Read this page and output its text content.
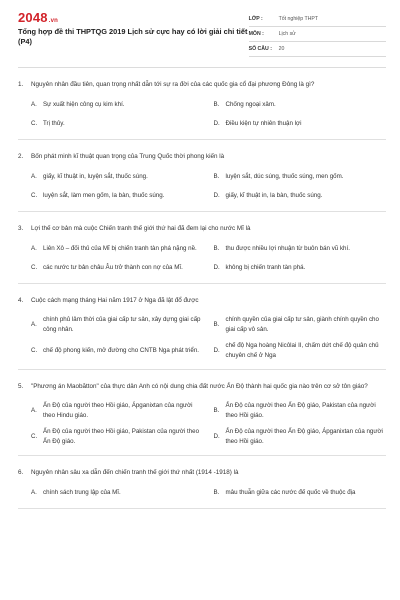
2048.vn
Tổng hợp đề thi THPTQG 2019 Lịch sử cực hay có lời giải chi tiết (P4)
LỚP :	Tốt nghiệp THPT
MÔN :	Lịch sử
SỐ CÂU :	20
1.	Nguyên nhân đầu tiên, quan trọng nhất dẫn tới sự ra đời của các quốc gia cổ đại phương Đông là gì?
A. Sự xuất hiện công cụ kim khí.	B. Chống ngoại xâm.
C. Trị thủy.	D. Điều kiện tự nhiên thuận lợi
2.	Bốn phát minh kĩ thuật quan trọng của Trung Quốc thời phong kiến là
A. giấy, kĩ thuật in, luyện sắt, thuốc súng.	B. luyện sắt, dúc súng, thuốc súng, men gốm.
C. luyện sắt, làm men gốm, la bàn, thuốc súng.	D. giấy, kĩ thuật in, la bàn, thuốc súng.
3.	Lợi thế cơ bản mà cuộc Chiến tranh thế giới thứ hai đã đem lại cho nước Mĩ là
A. Liên Xô – đối thủ của Mĩ bị chiến tranh tàn phá nặng nề.	B. thu được nhiều lợi nhuận từ buôn bán vũ khí.
C. các nước tư bản châu Âu trở thành con nợ của Mĩ.	D. không bị chiến tranh tàn phá.
4.	Cuộc cách mạng tháng Hai năm 1917 ở Nga đã lật đổ được
A.
chính phủ lâm thời của giai cấp tư sản, xây dựng giai cấp công nhân.
B.
chính quyền của giai cấp tư sản, giành chính quyền cho giai cấp vô sản.
C. chế độ phong kiến, mở đường cho CNTB Nga phát triển.	D.
chế độ Nga hoàng Nicôlai II, chấm dứt chế độ quân chủ chuyên chế ở Nga
5.	"Phương án Maobătton" của thực dân Anh có nội dung chia đất nước Ấn Độ thành hai quốc gia nào trên cơ sở tôn giáo?
A.
Ấn Độ của người theo Hồi giáo, Ápganixtan của người theo Hindu giáo.
B.
Ấn Độ của người theo Ấn Độ giáo, Pakistan của người theo Hồi giáo.
C.
Ấn Độ của người theo Hồi giáo, Pakistan của người theo Ấn Độ giáo.
D.
Ấn Độ của người theo Ấn Độ giáo, Ápganixtan của người theo Hồi giáo.
6.	Nguyên nhân sâu xa dẫn đến chiến tranh thế giới thứ nhất (1914 -1918) là
A. chính sách trung lập của Mĩ.	B. mâu thuẫn giữa các nước đế quốc về thuộc địa
